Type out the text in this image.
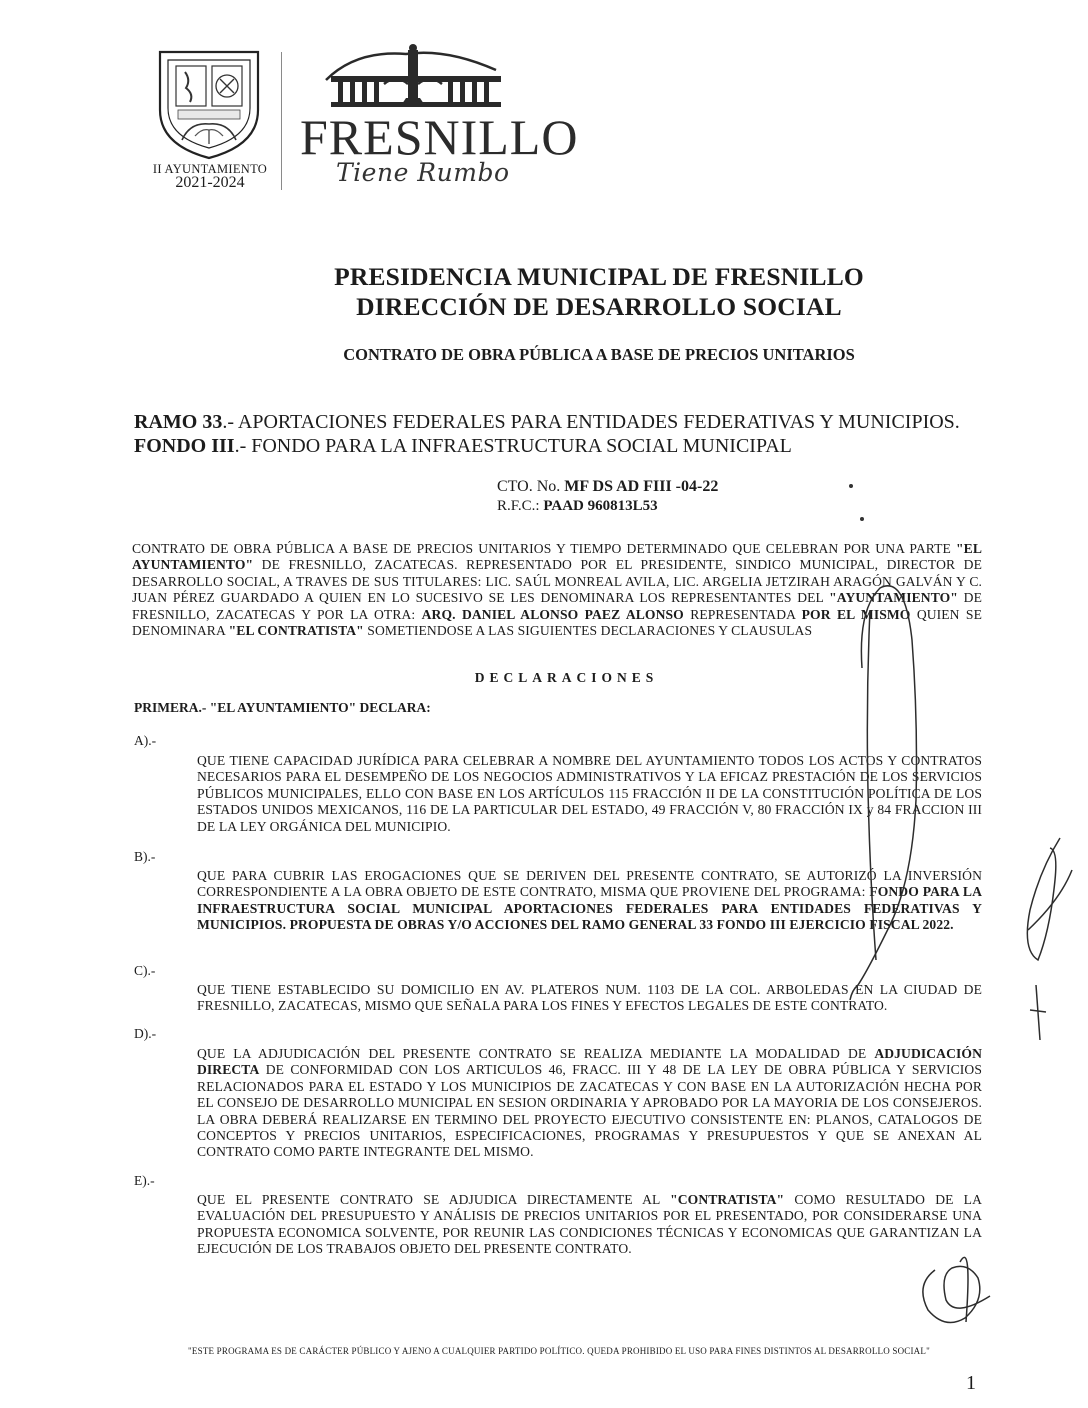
II AYUNTAMIENTO
2021-2024
FRESNILLO
Tiene Rumbo
PRESIDENCIA MUNICIPAL DE FRESNILLO
DIRECCIÓN DE DESARROLLO SOCIAL
CONTRATO DE OBRA PÚBLICA A BASE DE PRECIOS UNITARIOS
RAMO 33.- APORTACIONES FEDERALES PARA ENTIDADES FEDERATIVAS Y MUNICIPIOS.
FONDO III.- FONDO PARA LA INFRAESTRUCTURA SOCIAL MUNICIPAL
CTO. No. MF DS AD FIII -04-22
R.F.C.: PAAD 960813L53
CONTRATO DE OBRA PÚBLICA A BASE DE PRECIOS UNITARIOS Y TIEMPO DETERMINADO QUE CELEBRAN POR UNA PARTE "EL AYUNTAMIENTO" DE FRESNILLO, ZACATECAS. REPRESENTADO POR EL PRESIDENTE, SINDICO MUNICIPAL, DIRECTOR DE DESARROLLO SOCIAL, A TRAVES DE SUS TITULARES: LIC. SAÚL MONREAL AVILA, LIC. ARGELIA JETZIRAH ARAGÓN GALVÁN Y C. JUAN PÉREZ GUARDADO A QUIEN EN LO SUCESIVO SE LES DENOMINARA LOS REPRESENTANTES DEL "AYUNTAMIENTO" DE FRESNILLO, ZACATECAS Y POR LA OTRA: ARQ. DANIEL ALONSO PAEZ ALONSO REPRESENTADA POR EL MISMO QUIEN SE DENOMINARA "EL CONTRATISTA" SOMETIENDOSE A LAS SIGUIENTES DECLARACIONES Y CLAUSULAS
DECLARACIONES
PRIMERA.- "EL AYUNTAMIENTO" DECLARA:
A).-
QUE TIENE CAPACIDAD JURÍDICA PARA CELEBRAR A NOMBRE DEL AYUNTAMIENTO TODOS LOS ACTOS Y CONTRATOS NECESARIOS PARA EL DESEMPEÑO DE LOS NEGOCIOS ADMINISTRATIVOS Y LA EFICAZ PRESTACIÓN DE LOS SERVICIOS PÚBLICOS MUNICIPALES, ELLO CON BASE EN LOS ARTÍCULOS 115 FRACCIÓN II DE LA CONSTITUCIÓN POLÍTICA DE LOS ESTADOS UNIDOS MEXICANOS, 116 DE LA PARTICULAR DEL ESTADO, 49 FRACCIÓN V, 80 FRACCIÓN IX y 84 FRACCION III DE LA LEY ORGÁNICA DEL MUNICIPIO.
B).-
QUE PARA CUBRIR LAS EROGACIONES QUE SE DERIVEN DEL PRESENTE CONTRATO, SE AUTORIZÓ LA INVERSIÓN CORRESPONDIENTE A LA OBRA OBJETO DE ESTE CONTRATO, MISMA QUE PROVIENE DEL PROGRAMA: FONDO PARA LA INFRAESTRUCTURA SOCIAL MUNICIPAL APORTACIONES FEDERALES PARA ENTIDADES FEDERATIVAS Y MUNICIPIOS. PROPUESTA DE OBRAS Y/O ACCIONES DEL RAMO GENERAL 33 FONDO III EJERCICIO FISCAL 2022.
C).-
QUE TIENE ESTABLECIDO SU DOMICILIO EN AV. PLATEROS NUM. 1103 DE LA COL. ARBOLEDAS EN LA CIUDAD DE FRESNILLO, ZACATECAS, MISMO QUE SEÑALA PARA LOS FINES Y EFECTOS LEGALES DE ESTE CONTRATO.
D).-
QUE LA ADJUDICACIÓN DEL PRESENTE CONTRATO SE REALIZA MEDIANTE LA MODALIDAD DE ADJUDICACIÓN DIRECTA DE CONFORMIDAD CON LOS ARTICULOS 46, FRACC. III Y 48 DE LA LEY DE OBRA PÚBLICA Y SERVICIOS RELACIONADOS PARA EL ESTADO Y LOS MUNICIPIOS DE ZACATECAS Y CON BASE EN LA AUTORIZACIÓN HECHA POR EL CONSEJO DE DESARROLLO MUNICIPAL EN SESION ORDINARIA Y APROBADO POR LA MAYORIA DE LOS CONSEJEROS. LA OBRA DEBERÁ REALIZARSE EN TERMINO DEL PROYECTO EJECUTIVO CONSISTENTE EN: PLANOS, CATALOGOS DE CONCEPTOS Y PRECIOS UNITARIOS, ESPECIFICACIONES, PROGRAMAS Y PRESUPUESTOS Y QUE SE ANEXAN AL CONTRATO COMO PARTE INTEGRANTE DEL MISMO.
E).-
QUE EL PRESENTE CONTRATO SE ADJUDICA DIRECTAMENTE AL "CONTRATISTA" COMO RESULTADO DE LA EVALUACIÓN DEL PRESUPUESTO Y ANÁLISIS DE PRECIOS UNITARIOS POR EL PRESENTADO, POR CONSIDERARSE UNA PROPUESTA ECONOMICA SOLVENTE, POR REUNIR LAS CONDICIONES TÉCNICAS Y ECONOMICAS QUE GARANTIZAN LA EJECUCIÓN DE LOS TRABAJOS OBJETO DEL PRESENTE CONTRATO.
"ESTE PROGRAMA ES DE CARÁCTER PÚBLICO Y AJENO A CUALQUIER PARTIDO POLÍTICO. QUEDA PROHIBIDO EL USO PARA FINES DISTINTOS AL DESARROLLO SOCIAL"
1
